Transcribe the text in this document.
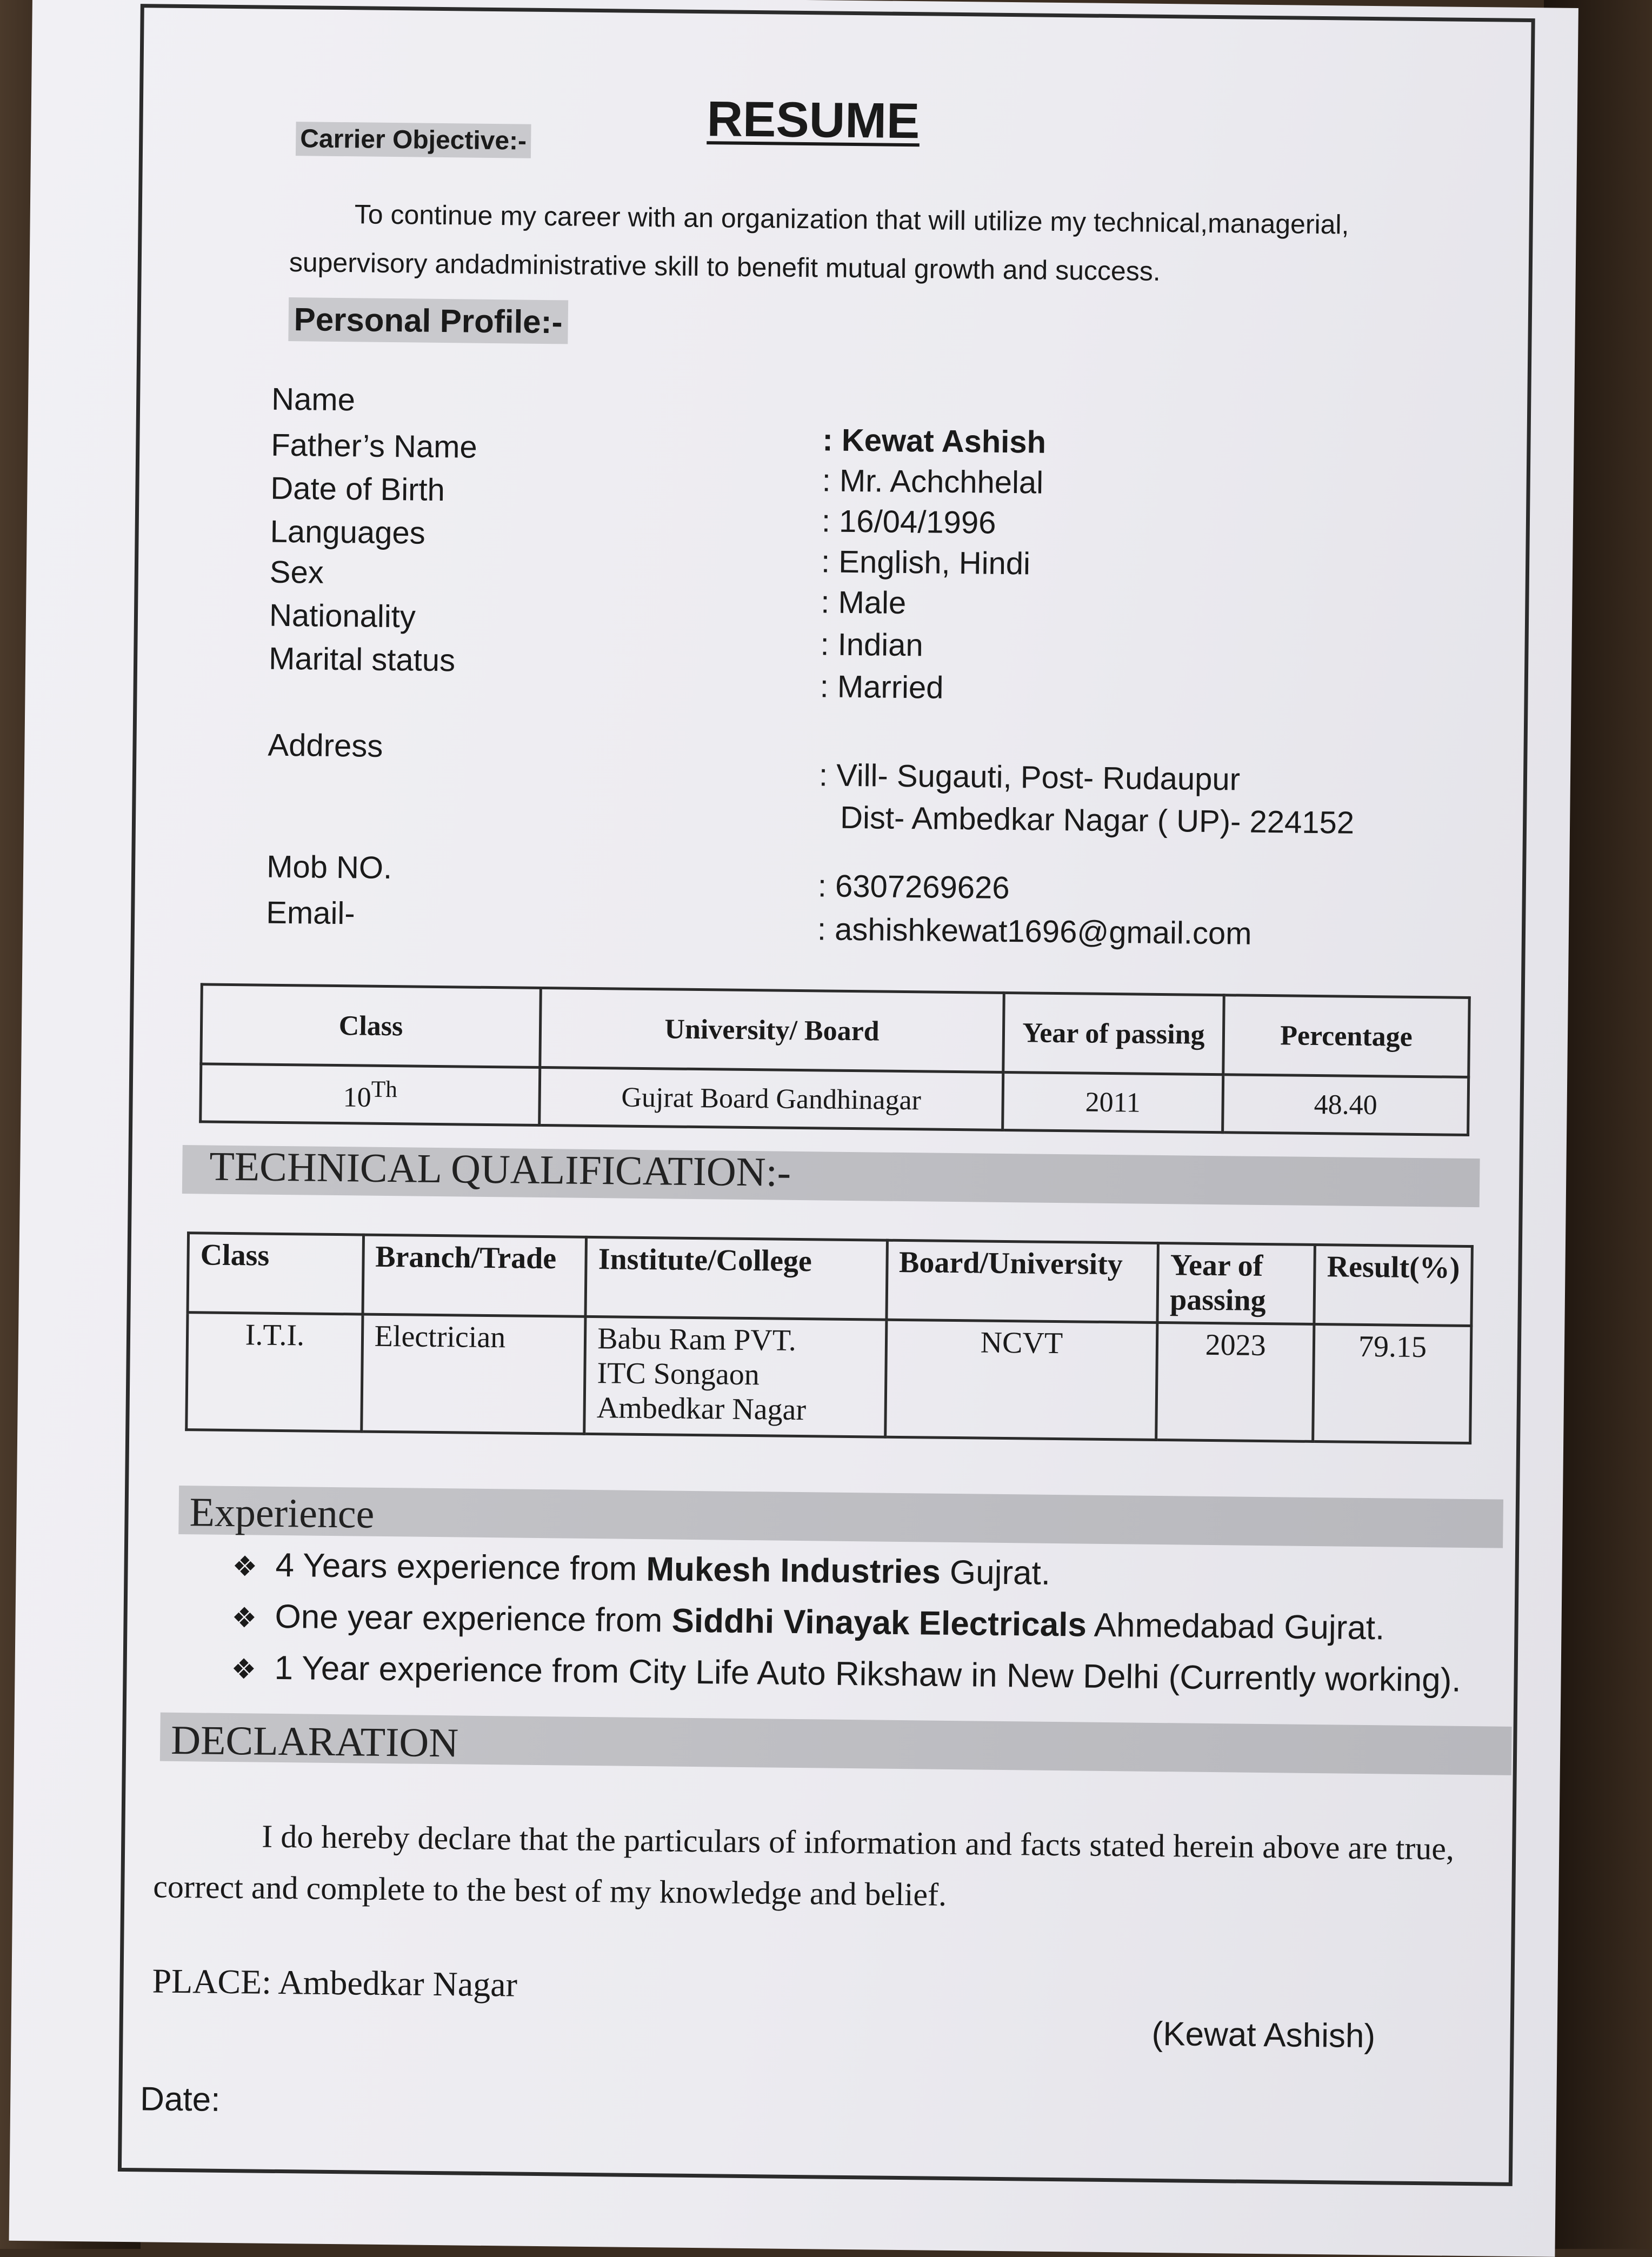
RESUME
Carrier Objective:-
To continue my career with an organization that will utilize my technical,managerial, supervisory andadministrative skill to benefit mutual growth and success.
Personal Profile:-
Name
: Kewat Ashish
Father’s Name
: Mr. Achchhelal
Date of Birth
: 16/04/1996
Languages
: English, Hindi
Sex
: Male
Nationality
: Indian
Marital status
: Married
Address
: Vill- Sugauti, Post- Rudaupur
Dist- Ambedkar Nagar ( UP)- 224152
Mob NO.
: 6307269626
Email-	: ashishkewat1696@gmail.com
Class	University/ Board	Year of passing	Percentage
10Th	Gujrat Board Gandhinagar	2011	48.40
TECHNICAL QUALIFICATION:-
Class	Branch/Trade	Institute/College	Board/University	Year of passing	Result(%)
I.T.I.	Electrician	Babu Ram PVT.
ITC Songaon
Ambedkar Nagar	NCVT	2023	79.15
Experience
❖ 4 Years experience from Mukesh Industries Gujrat.
❖ One year experience from Siddhi Vinayak Electricals Ahmedabad Gujrat.
❖ 1 Year experience from City Life Auto Rikshaw in New Delhi (Currently working).
DECLARATION
I do hereby declare that the particulars of information and facts stated herein above are true, correct and complete to the best of my knowledge and belief.
PLACE: Ambedkar Nagar
(Kewat Ashish)
Date:
